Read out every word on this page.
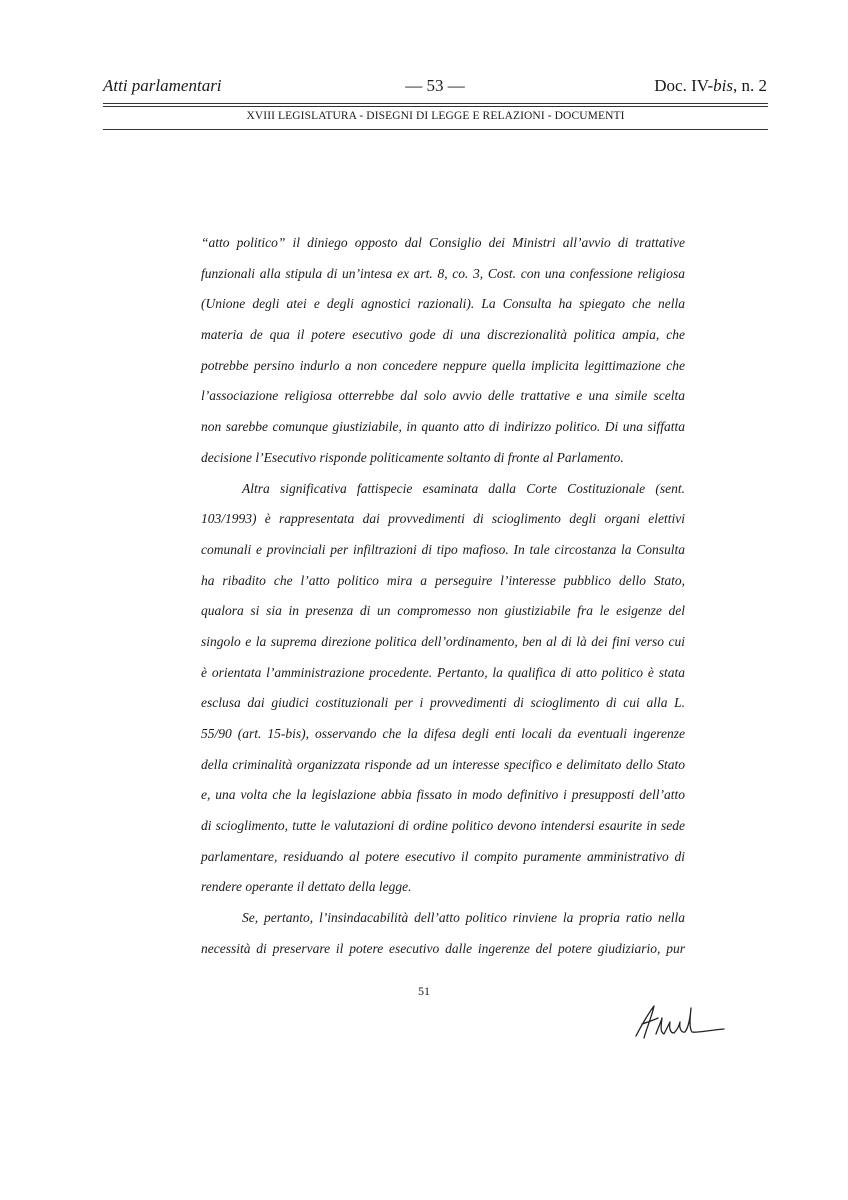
Atti parlamentari	— 53 —	Doc. IV-bis, n. 2
XVIII LEGISLATURA - DISEGNI DI LEGGE E RELAZIONI - DOCUMENTI
“atto politico” il diniego opposto dal Consiglio dei Ministri all’avvio di trattative
funzionali alla stipula di un’intesa ex art. 8, co. 3, Cost. con una confessione religiosa
(Unione degli atei e degli agnostici razionali). La Consulta ha spiegato che nella
materia de qua il potere esecutivo gode di una discrezionalità politica ampia, che
potrebbe persino indurlo a non concedere neppure quella implicita legittimazione che
l’associazione religiosa otterrebbe dal solo avvio delle trattative e una simile scelta
non sarebbe comunque giustiziabile, in quanto atto di indirizzo politico. Di una siffatta
decisione l’Esecutivo risponde politicamente soltanto di fronte al Parlamento.
Altra significativa fattispecie esaminata dalla Corte Costituzionale (sent.
103/1993) è rappresentata dai provvedimenti di scioglimento degli organi elettivi
comunali e provinciali per infiltrazioni di tipo mafioso. In tale circostanza la Consulta
ha ribadito che l’atto politico mira a perseguire l’interesse pubblico dello Stato,
qualora si sia in presenza di un compromesso non giustiziabile fra le esigenze del
singolo e la suprema direzione politica dell’ordinamento, ben al di là dei fini verso cui
è orientata l’amministrazione procedente. Pertanto, la qualifica di atto politico è stata
esclusa dai giudici costituzionali per i provvedimenti di scioglimento di cui alla L.
55/90 (art. 15-bis), osservando che la difesa degli enti locali da eventuali ingerenze
della criminalità organizzata risponde ad un interesse specifico e delimitato dello Stato
e, una volta che la legislazione abbia fissato in modo definitivo i presupposti dell’atto
di scioglimento, tutte le valutazioni di ordine politico devono intendersi esaurite in sede
parlamentare, residuando al potere esecutivo il compito puramente amministrativo di
rendere operante il dettato della legge.
Se, pertanto, l’insindacabilità dell’atto politico rinviene la propria ratio nella
necessità di preservare il potere esecutivo dalle ingerenze del potere giudiziario, pur
51
